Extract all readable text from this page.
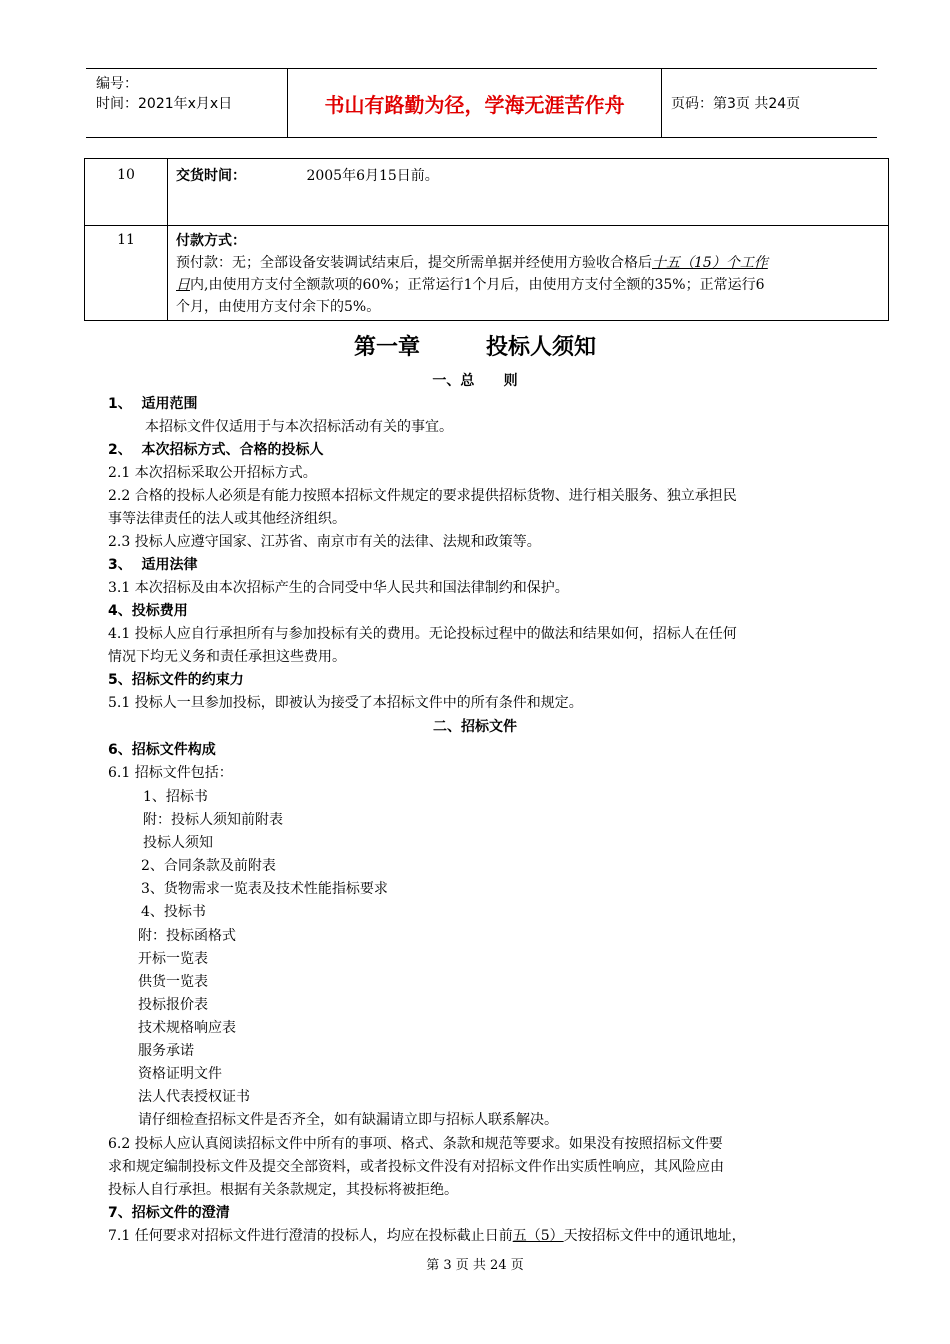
编号：
时间：2021年x月x日	书山有路勤为径，学海无涯苦作舟	页码：第3页 共24页
10	交货时间： 2005年6月15日前。
11	付款方式：
预付款：无；全部设备安装调试结束后，提交所需单据并经使用方验收合格后十五（15）个工作
日内,由使用方支付全额款项的60%；正常运行1个月后，由使用方支付全额的35%；正常运行6
个月，由使用方支付余下的5%。
第一章	投标人须知
一、总      则
1、  适用范围
本招标文件仅适用于与本次招标活动有关的事宜。
2、  本次招标方式、合格的投标人
2.1 本次招标采取公开招标方式。
2.2 合格的投标人必须是有能力按照本招标文件规定的要求提供招标货物、进行相关服务、独立承担民
事等法律责任的法人或其他经济组织。
2.3 投标人应遵守国家、江苏省、南京市有关的法律、法规和政策等。
3、  适用法律
3.1 本次招标及由本次招标产生的合同受中华人民共和国法律制约和保护。
4、投标费用
4.1 投标人应自行承担所有与参加投标有关的费用。无论投标过程中的做法和结果如何，招标人在任何
情况下均无义务和责任承担这些费用。
5、招标文件的约束力
5.1 投标人一旦参加投标，即被认为接受了本招标文件中的所有条件和规定。
二、招标文件
6、招标文件构成
6.1 招标文件包括：
1、招标书
附：投标人须知前附表
投标人须知
2、合同条款及前附表
3、货物需求一览表及技术性能指标要求
4、投标书
附：投标函格式
开标一览表
供货一览表
投标报价表
技术规格响应表
服务承诺
资格证明文件
法人代表授权证书
请仔细检查招标文件是否齐全，如有缺漏请立即与招标人联系解决。
6.2 投标人应认真阅读招标文件中所有的事项、格式、条款和规范等要求。如果没有按照招标文件要
求和规定编制投标文件及提交全部资料，或者投标文件没有对招标文件作出实质性响应，其风险应由
投标人自行承担。根据有关条款规定，其投标将被拒绝。
7、招标文件的澄清
7.1 任何要求对招标文件进行澄清的投标人，均应在投标截止日前五（5）天按招标文件中的通讯地址，
第 3 页 共 24 页
